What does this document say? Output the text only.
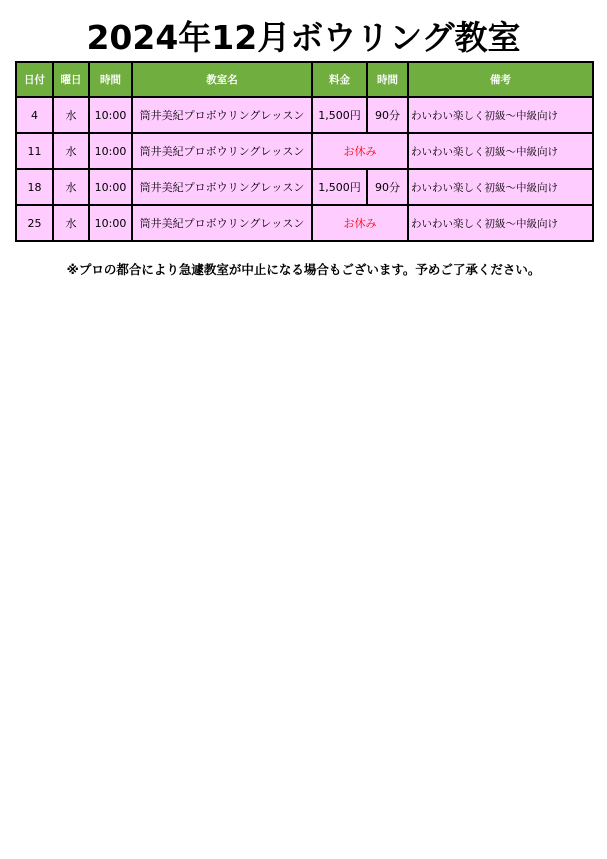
2024年12月ボウリング教室
日付	曜日	時間	教室名	料金	時間	備考
4	水	10:00	筒井美紀プロボウリングレッスン	1,500円	90分	わいわい楽しく初級～中級向け
11	水	10:00	筒井美紀プロボウリングレッスン	お休み		わいわい楽しく初級～中級向け
18	水	10:00	筒井美紀プロボウリングレッスン	1,500円	90分	わいわい楽しく初級～中級向け
25	水	10:00	筒井美紀プロボウリングレッスン	お休み		わいわい楽しく初級～中級向け
※プロの都合により急遽教室が中止になる場合もございます。予めご了承ください。
